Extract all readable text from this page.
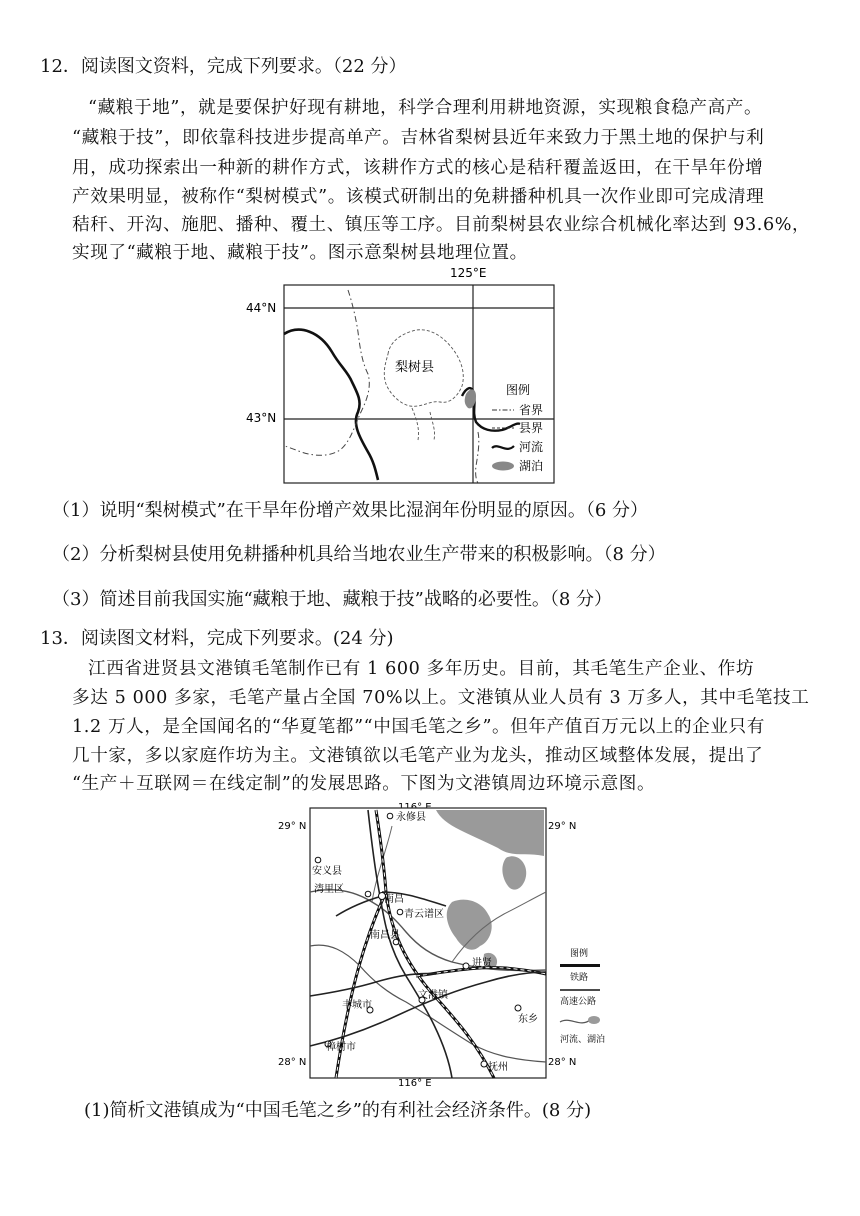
12．阅读图文资料，完成下列要求。（22 分）
“藏粮于地”，就是要保护好现有耕地，科学合理利用耕地资源，实现粮食稳产高产。
“藏粮于技”，即依靠科技进步提高单产。吉林省梨树县近年来致力于黑土地的保护与利
用，成功探索出一种新的耕作方式，该耕作方式的核心是秸秆覆盖返田，在干旱年份增
产效果明显，被称作“梨树模式”。该模式研制出的免耕播种机具一次作业即可完成清理
秸秆、开沟、施肥、播种、覆土、镇压等工序。目前梨树县农业综合机械化率达到 93.6%，
实现了“藏粮于地、藏粮于技”。图示意梨树县地理位置。
125°E
44°N
43°N
梨树县
图例
省界
县界
河流
湖泊
（1）说明“梨树模式”在干旱年份增产效果比湿润年份明显的原因。（6 分）
（2）分析梨树县使用免耕播种机具给当地农业生产带来的积极影响。（8 分）
（3）简述目前我国实施“藏粮于地、藏粮于技”战略的必要性。（8 分）
13．阅读图文材料，完成下列要求。(24 分)
江西省进贤县文港镇毛笔制作已有 1 600 多年历史。目前，其毛笔生产企业、作坊
多达 5 000 多家，毛笔产量占全国 70%以上。文港镇从业人员有 3 万多人，其中毛笔技工
1.2 万人，是全国闻名的“华夏笔都”“中国毛笔之乡”。但年产值百万元以上的企业只有
几十家，多以家庭作坊为主。文港镇欲以毛笔产业为龙头，推动区域整体发展，提出了
“生产＋互联网＝在线定制”的发展思路。下图为文港镇周边环境示意图。
116° E
29° N	29° N
28° N	28° N
永修县
安义县
湾里区
南昌
青云谱区
南昌县
进贤
丰城市
文港镇
东乡
樟树市
抚州
图例
铁路
高速公路
河流、湖泊
(1)简析文港镇成为“中国毛笔之乡”的有利社会经济条件。(8 分)
